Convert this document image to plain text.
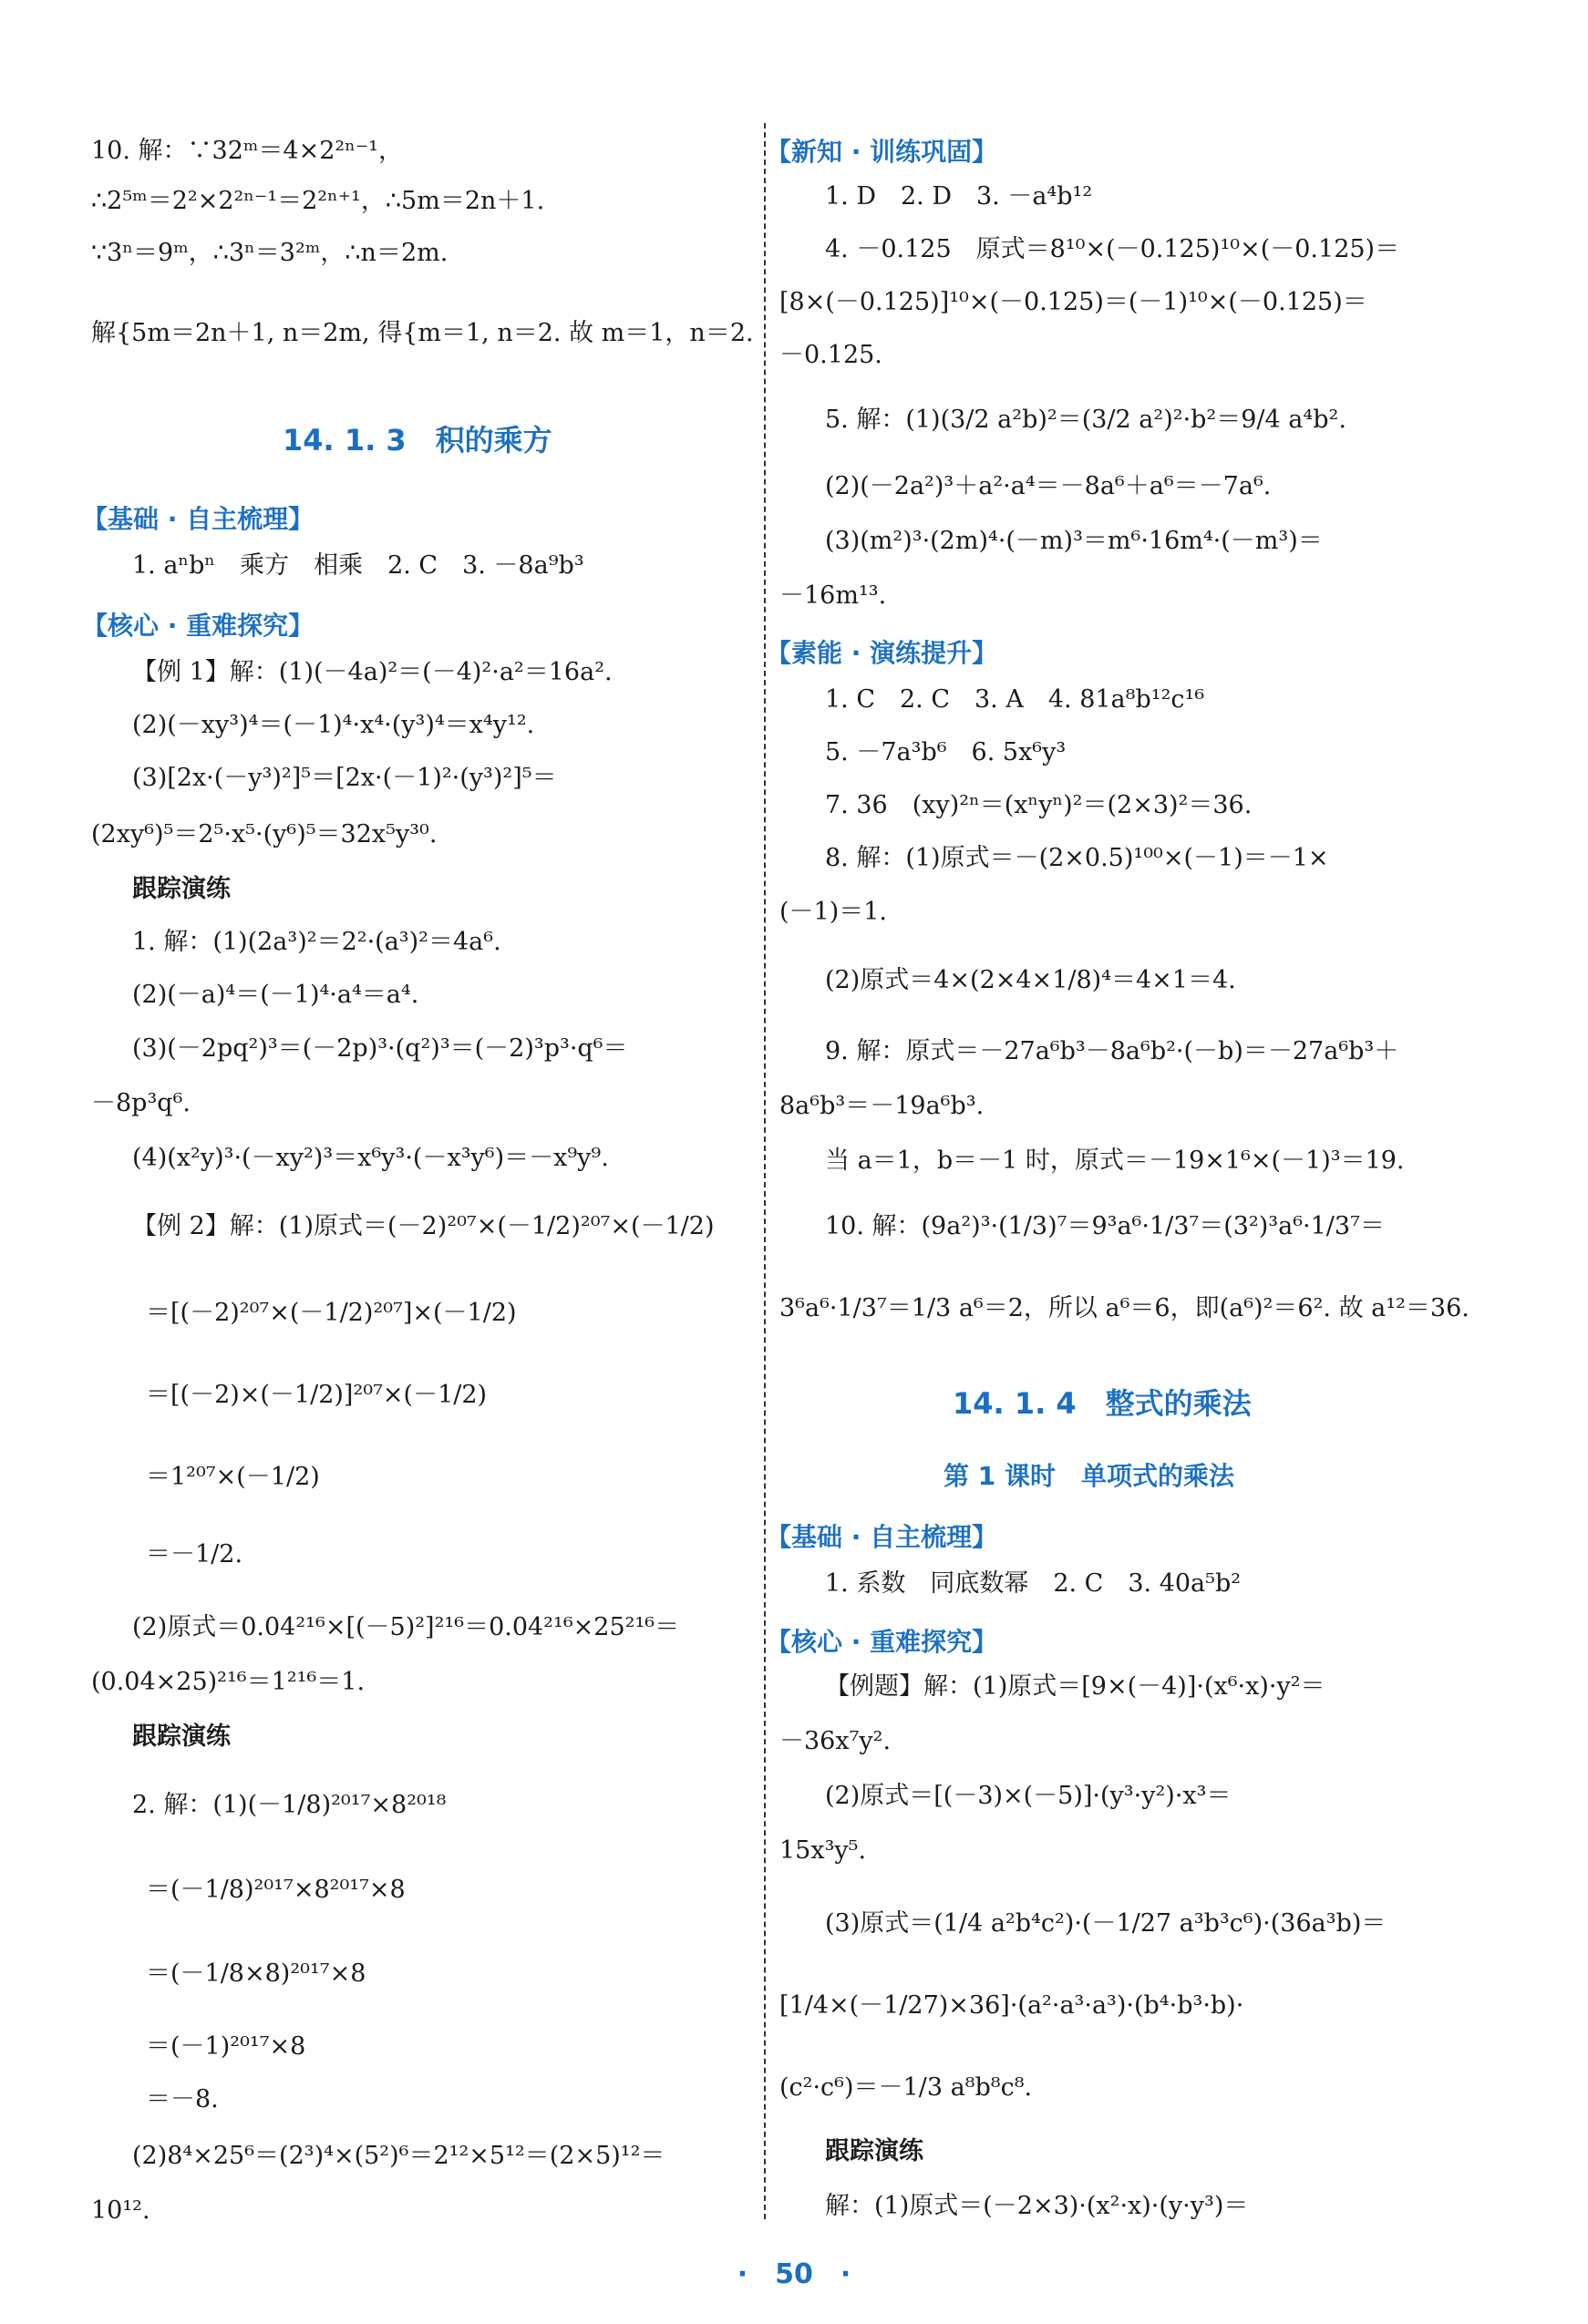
10. 解：∵32ᵐ＝4×2²ⁿ⁻¹，
∴2⁵ᵐ＝2²×2²ⁿ⁻¹＝2²ⁿ⁺¹，∴5m＝2n＋1.
∵3ⁿ＝9ᵐ，∴3ⁿ＝3²ᵐ，∴n＝2m.
解{5m＝2n＋1, n＝2m, 得{m＝1, n＝2. 故 m＝1，n＝2.
14. 1. 3　积的乘方
【基础 · 自主梳理】
1. aⁿbⁿ　乘方　相乘　2. C　3. －8a⁹b³
【核心 · 重难探究】
【例 1】解：(1)(－4a)²＝(－4)²·a²＝16a².
(2)(－xy³)⁴＝(－1)⁴·x⁴·(y³)⁴＝x⁴y¹².
(3)[2x·(－y³)²]⁵＝[2x·(－1)²·(y³)²]⁵＝
(2xy⁶)⁵＝2⁵·x⁵·(y⁶)⁵＝32x⁵y³⁰.
跟踪演练
1. 解：(1)(2a³)²＝2²·(a³)²＝4a⁶.
(2)(－a)⁴＝(－1)⁴·a⁴＝a⁴.
(3)(－2pq²)³＝(－2p)³·(q²)³＝(－2)³p³·q⁶＝
－8p³q⁶.
(4)(x²y)³·(－xy²)³＝x⁶y³·(－x³y⁶)＝－x⁹y⁹.
【例 2】解：(1)原式＝(－2)²⁰⁷×(－1/2)²⁰⁷×(－1/2)
＝[(－2)²⁰⁷×(－1/2)²⁰⁷]×(－1/2)
＝[(－2)×(－1/2)]²⁰⁷×(－1/2)
＝1²⁰⁷×(－1/2)
＝－1/2.
(2)原式＝0.04²¹⁶×[(－5)²]²¹⁶＝0.04²¹⁶×25²¹⁶＝
(0.04×25)²¹⁶＝1²¹⁶＝1.
跟踪演练
2. 解：(1)(－1/8)²⁰¹⁷×8²⁰¹⁸
＝(－1/8)²⁰¹⁷×8²⁰¹⁷×8
＝(－1/8×8)²⁰¹⁷×8
＝(－1)²⁰¹⁷×8
＝－8.
(2)8⁴×25⁶＝(2³)⁴×(5²)⁶＝2¹²×5¹²＝(2×5)¹²＝
10¹².
【新知 · 训练巩固】
1. D　2. D　3. －a⁴b¹²
4. －0.125　原式＝8¹⁰×(－0.125)¹⁰×(－0.125)＝
[8×(－0.125)]¹⁰×(－0.125)＝(－1)¹⁰×(－0.125)＝
－0.125.
5. 解：(1)(3/2 a²b)²＝(3/2 a²)²·b²＝9/4 a⁴b².
(2)(－2a²)³＋a²·a⁴＝－8a⁶＋a⁶＝－7a⁶.
(3)(m²)³·(2m)⁴·(－m)³＝m⁶·16m⁴·(－m³)＝
－16m¹³.
【素能 · 演练提升】
1. C　2. C　3. A　4. 81a⁸b¹²c¹⁶
5. －7a³b⁶　6. 5x⁶y³
7. 36　(xy)²ⁿ＝(xⁿyⁿ)²＝(2×3)²＝36.
8. 解：(1)原式＝－(2×0.5)¹⁰⁰×(－1)＝－1×
(－1)＝1.
(2)原式＝4×(2×4×1/8)⁴＝4×1＝4.
9. 解：原式＝－27a⁶b³－8a⁶b²·(－b)＝－27a⁶b³＋
8a⁶b³＝－19a⁶b³.
当 a＝1，b＝－1 时，原式＝－19×1⁶×(－1)³＝19.
10. 解：(9a²)³·(1/3)⁷＝9³a⁶·1/3⁷＝(3²)³a⁶·1/3⁷＝
3⁶a⁶·1/3⁷＝1/3 a⁶＝2，所以 a⁶＝6，即(a⁶)²＝6². 故 a¹²＝36.
14. 1. 4　整式的乘法
第 1 课时　单项式的乘法
【基础 · 自主梳理】
1. 系数　同底数幂　2. C　3. 40a⁵b²
【核心 · 重难探究】
【例题】解：(1)原式＝[9×(－4)]·(x⁶·x)·y²＝
－36x⁷y².
(2)原式＝[(－3)×(－5)]·(y³·y²)·x³＝
15x³y⁵.
(3)原式＝(1/4 a²b⁴c²)·(－1/27 a³b³c⁶)·(36a³b)＝
[1/4×(－1/27)×36]·(a²·a³·a³)·(b⁴·b³·b)·
(c²·c⁶)＝－1/3 a⁸b⁸c⁸.
跟踪演练
解：(1)原式＝(－2×3)·(x²·x)·(y·y³)＝
·　50　·
